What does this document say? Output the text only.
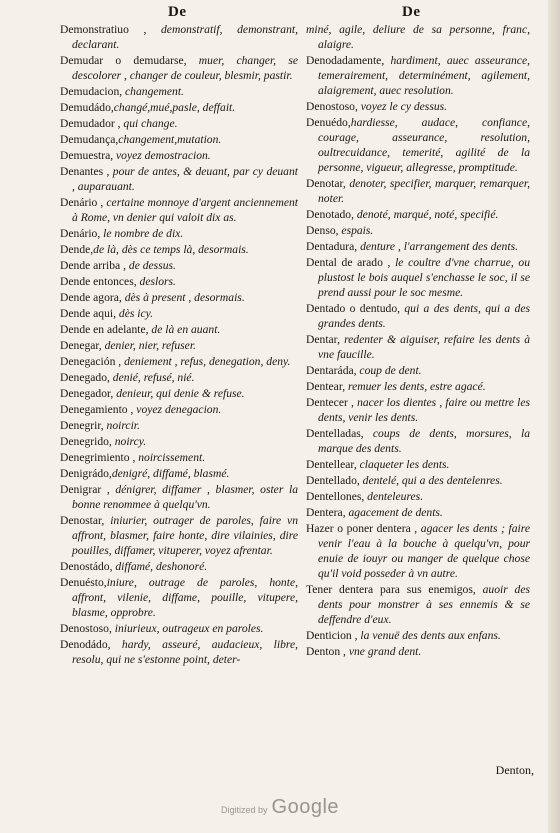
De	De

Demonstratiuo , demonstratif, demonstrant, declarant.

Demudar o demudarse, muer, changer, se descolorer , changer de couleur, blesmir, pastir.

Demudacion, changement.

Demudádo,changé,mué,pasle, deffait.

Demudador , qui change.

Demudança,changement,mutation.

Demuestra, voyez demostracion.

Denantes , pour de antes, & deuant, par cy deuant , auparauant.

Denário , certaine monnoye d'argent anciennement à Rome, vn denier qui valoit dix as.

Denário, le nombre de dix.

Dende,de là, dès ce temps là, desormais.

Dende arriba , de dessus.

Dende entonces, deslors.

Dende agora, dès à present , desormais.

Dende aqui, dès icy.

Dende en adelante, de là en auant.

Denegar, denier, nier, refuser.

Denegación , deniement , refus, denegation, deny.

Denegado, denié, refusé, nié.

Denegador, denieur, qui denie & refuse.

Denegamiento , voyez denegacion.

Denegrir, noircir.

Denegrido, noircy.

Denegrimiento , noircissement.

Denigrádo,denigré, diffamé, blasmé.

Denigrar , dénigrer, diffamer , blasmer, oster la bonne renommee à quelqu'vn.

Denostar, iniurier, outrager de paroles, faire vn affront, blasmer, faire honte, dire vilainies, dire pouilles, diffamer, vituperer, voyez afrentar.

Denostádo, diffamé, deshonoré.

Denuésto,iniure, outrage de paroles, honte, affront, vilenie, diffame, pouille, vitupere, blasme, opprobre.

Denostoso, iniurieux, outrageux en paroles.

Denodádo, hardy, asseuré, audacieux, libre, resolu, qui ne s'estonne point, deter-

miné, agile, deliure de sa personne, franc, alaigre.

Denodadamente, hardiment, auec asseurance, temerairement, determinément, agilement, alaigrement, auec resolution.

Denostoso, voyez le cy dessus.

Denuédo,hardiesse, audace, confiance, courage, asseurance, resolution, oultrecuidance, temerité, agilité de la personne, vigueur, allegresse, promptitude.

Denotar, denoter, specifier, marquer, remarquer, noter.

Denotado, denoté, marqué, noté, specifié.

Denso, espais.

Dentadura, denture , l'arrangement des dents.

Dental de arado , le coultre d'vne charrue, ou plustost le bois auquel s'enchasse le soc, il se prend aussi pour le soc mesme.

Dentado o dentudo, qui a des dents, qui a des grandes dents.

Dentar, redenter & aiguiser, refaire les dents à vne faucille.

Dentaráda, coup de dent.

Dentear, remuer les dents, estre agacé.

Dentecer , nacer los dientes , faire ou mettre les dents, venir les dents.

Dentelladas, coups de dents, morsures, la marque des dents.

Dentellear, claqueter les dents.

Dentellado, dentelé, qui a des dentelenres.

Dentellones, denteleures.

Dentera, agacement de dents.

Hazer o poner dentera , agacer les dents ; faire venir l'eau à la bouche à quelqu'vn, pour enuie de iouyr ou manger de quelque chose qu'il void posseder à vn autre.

Tener dentera para sus enemigos, auoir des dents pour monstrer à ses ennemis & se deffendre d'eux.

Denticion , la venuë des dents aux enfans.

Denton , vne grand dent.

Denton,
Digitized by Google
